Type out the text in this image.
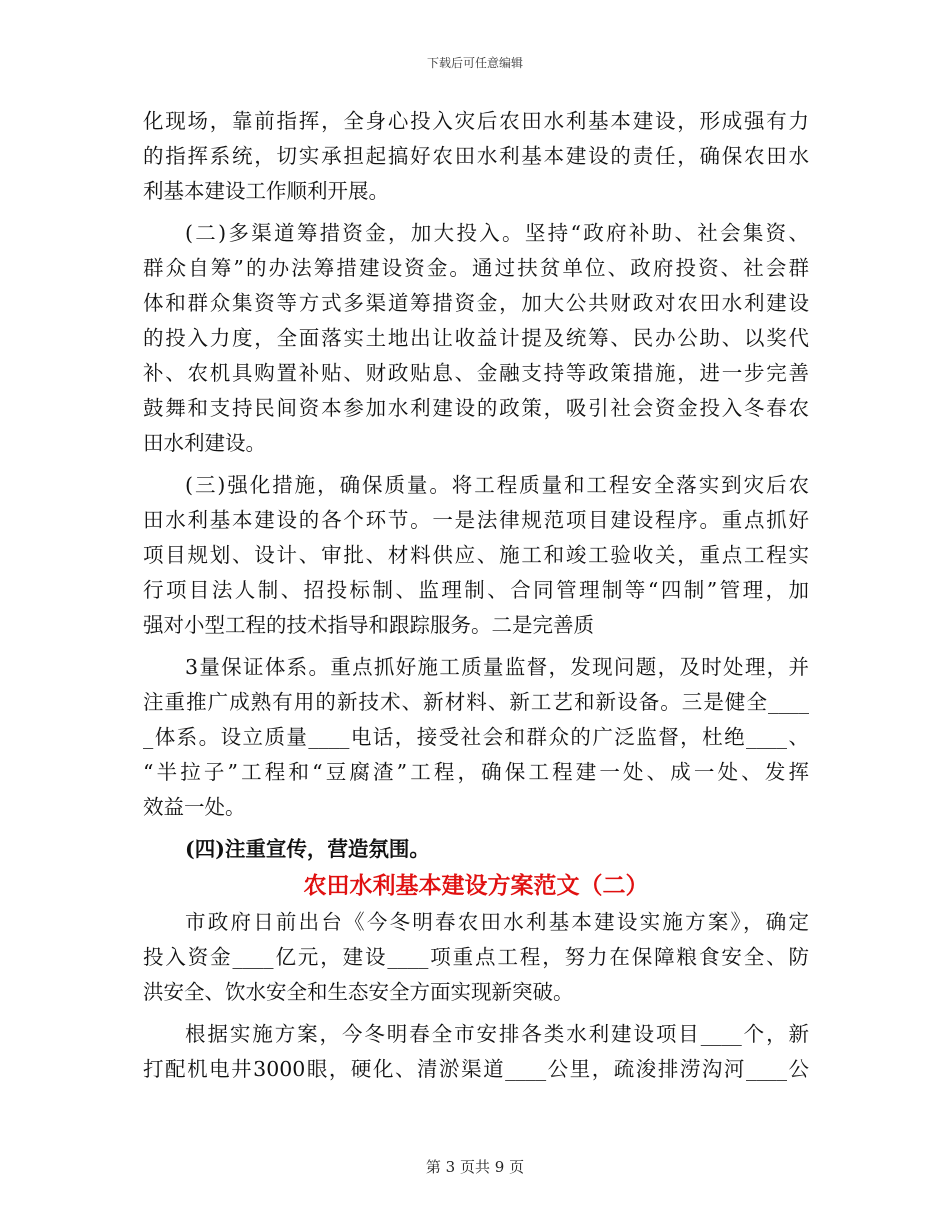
下载后可任意编辑
化现场，靠前指挥，全身心投入灾后农田水利基本建设，形成强有力
的指挥系统，切实承担起搞好农田水利基本建设的责任，确保农田水
利基本建设工作顺利开展。
(二)多渠道筹措资金，加大投入。坚持“政府补助、社会集资、
群众自筹”的办法筹措建设资金。通过扶贫单位、政府投资、社会群
体和群众集资等方式多渠道筹措资金，加大公共财政对农田水利建设
的投入力度，全面落实土地出让收益计提及统筹、民办公助、以奖代
补、农机具购置补贴、财政贴息、金融支持等政策措施，进一步完善
鼓舞和支持民间资本参加水利建设的政策，吸引社会资金投入冬春农
田水利建设。
(三)强化措施，确保质量。将工程质量和工程安全落实到灾后农
田水利基本建设的各个环节。一是法律规范项目建设程序。重点抓好
项目规划、设计、审批、材料供应、施工和竣工验收关，重点工程实
行项目法人制、招投标制、监理制、合同管理制等“四制”管理，加
强对小型工程的技术指导和跟踪服务。二是完善质
3量保证体系。重点抓好施工质量监督，发现问题，及时处理，并
注重推广成熟有用的新技术、新材料、新工艺和新设备。三是健全____
_体系。设立质量____电话，接受社会和群众的广泛监督，杜绝____、
“半拉子”工程和“豆腐渣”工程，确保工程建一处、成一处、发挥
效益一处。
(四)注重宣传，营造氛围。
农田水利基本建设方案范文（二）
市政府日前出台《今冬明春农田水利基本建设实施方案》，确定
投入资金____亿元，建设____项重点工程，努力在保障粮食安全、防
洪安全、饮水安全和生态安全方面实现新突破。
根据实施方案，今冬明春全市安排各类水利建设项目____个，新
打配机电井3000眼，硬化、清淤渠道____公里，疏浚排涝沟河____公
第 3 页共 9 页
